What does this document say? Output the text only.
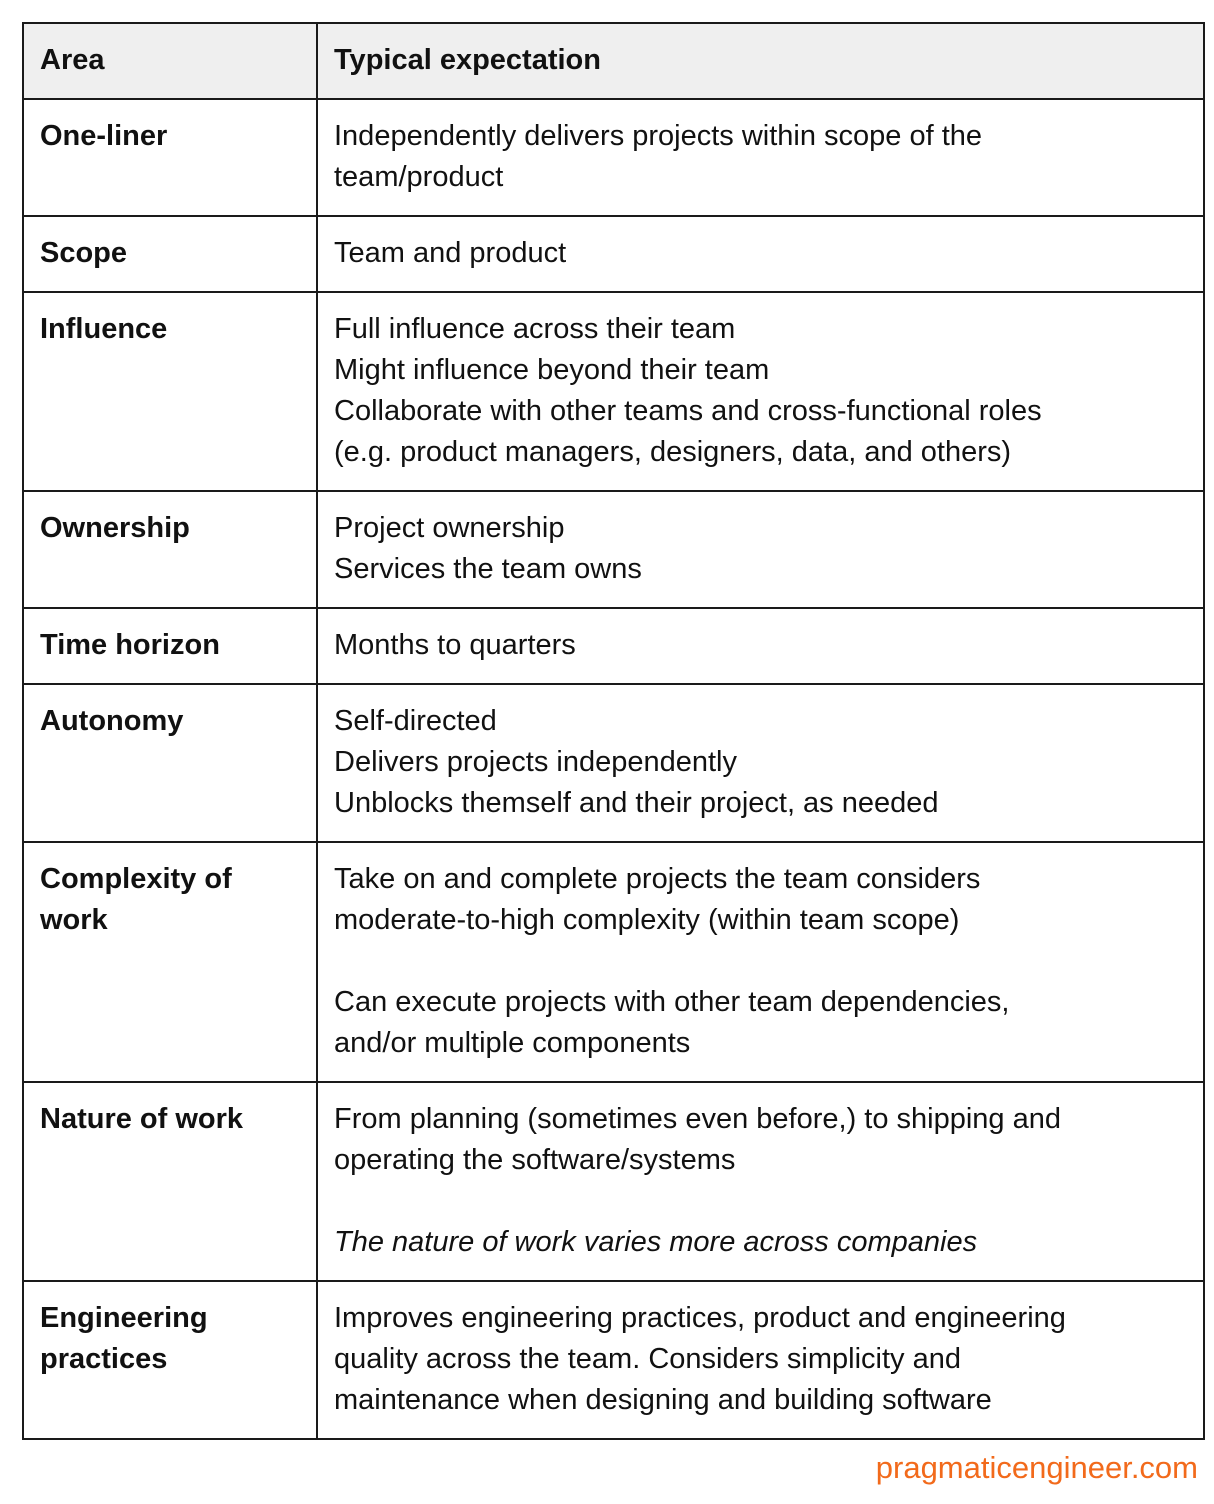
Area	Typical expectation
One-liner	Independently delivers projects within scope of the
team/product

Scope	Team and product

Influence	Full influence across their team
Might influence beyond their team
Collaborate with other teams and cross-functional roles
(e.g. product managers, designers, data, and others)

Ownership	Project ownership
Services the team owns

Time horizon	Months to quarters

Autonomy	Self-directed
Delivers projects independently
Unblocks themself and their project, as needed

Complexity of work	Take on and complete projects the team considers
moderate-to-high complexity (within team scope)
Can execute projects with other team dependencies,
and/or multiple components

Nature of work	From planning (sometimes even before,) to shipping and
operating the software/systems
The nature of work varies more across companies

Engineering practices	Improves engineering practices, product and engineering
quality across the team. Considers simplicity and
maintenance when designing and building software
pragmaticengineer.com
